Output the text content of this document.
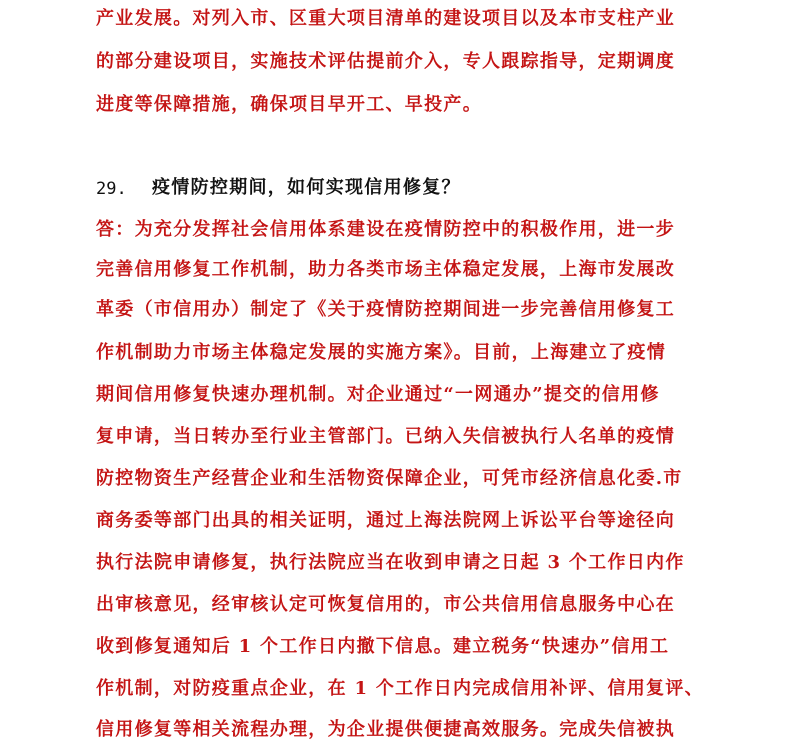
产业发展。对列入市、区重大项目清单的建设项目以及本市支柱产业
的部分建设项目，实施技术评估提前介入，专人跟踪指导，定期调度
进度等保障措施，确保项目早开工、早投产。
29. 疫情防控期间，如何实现信用修复？
答：为充分发挥社会信用体系建设在疫情防控中的积极作用，进一步
完善信用修复工作机制，助力各类市场主体稳定发展，上海市发展改
革委（市信用办）制定了《关于疫情防控期间进一步完善信用修复工
作机制助力市场主体稳定发展的实施方案》。目前，上海建立了疫情
期间信用修复快速办理机制。对企业通过“一网通办”提交的信用修
复申请，当日转办至行业主管部门。已纳入失信被执行人名单的疫情
防控物资生产经营企业和生活物资保障企业，可凭市经济信息化委.市
商务委等部门出具的相关证明，通过上海法院网上诉讼平台等途径向
执行法院申请修复，执行法院应当在收到申请之日起 3 个工作日内作
出审核意见，经审核认定可恢复信用的，市公共信用信息服务中心在
收到修复通知后 1 个工作日内撤下信息。建立税务“快速办”信用工
作机制，对防疫重点企业，在 1 个工作日内完成信用补评、信用复评、
信用修复等相关流程办理，为企业提供便捷高效服务。完成失信被执
